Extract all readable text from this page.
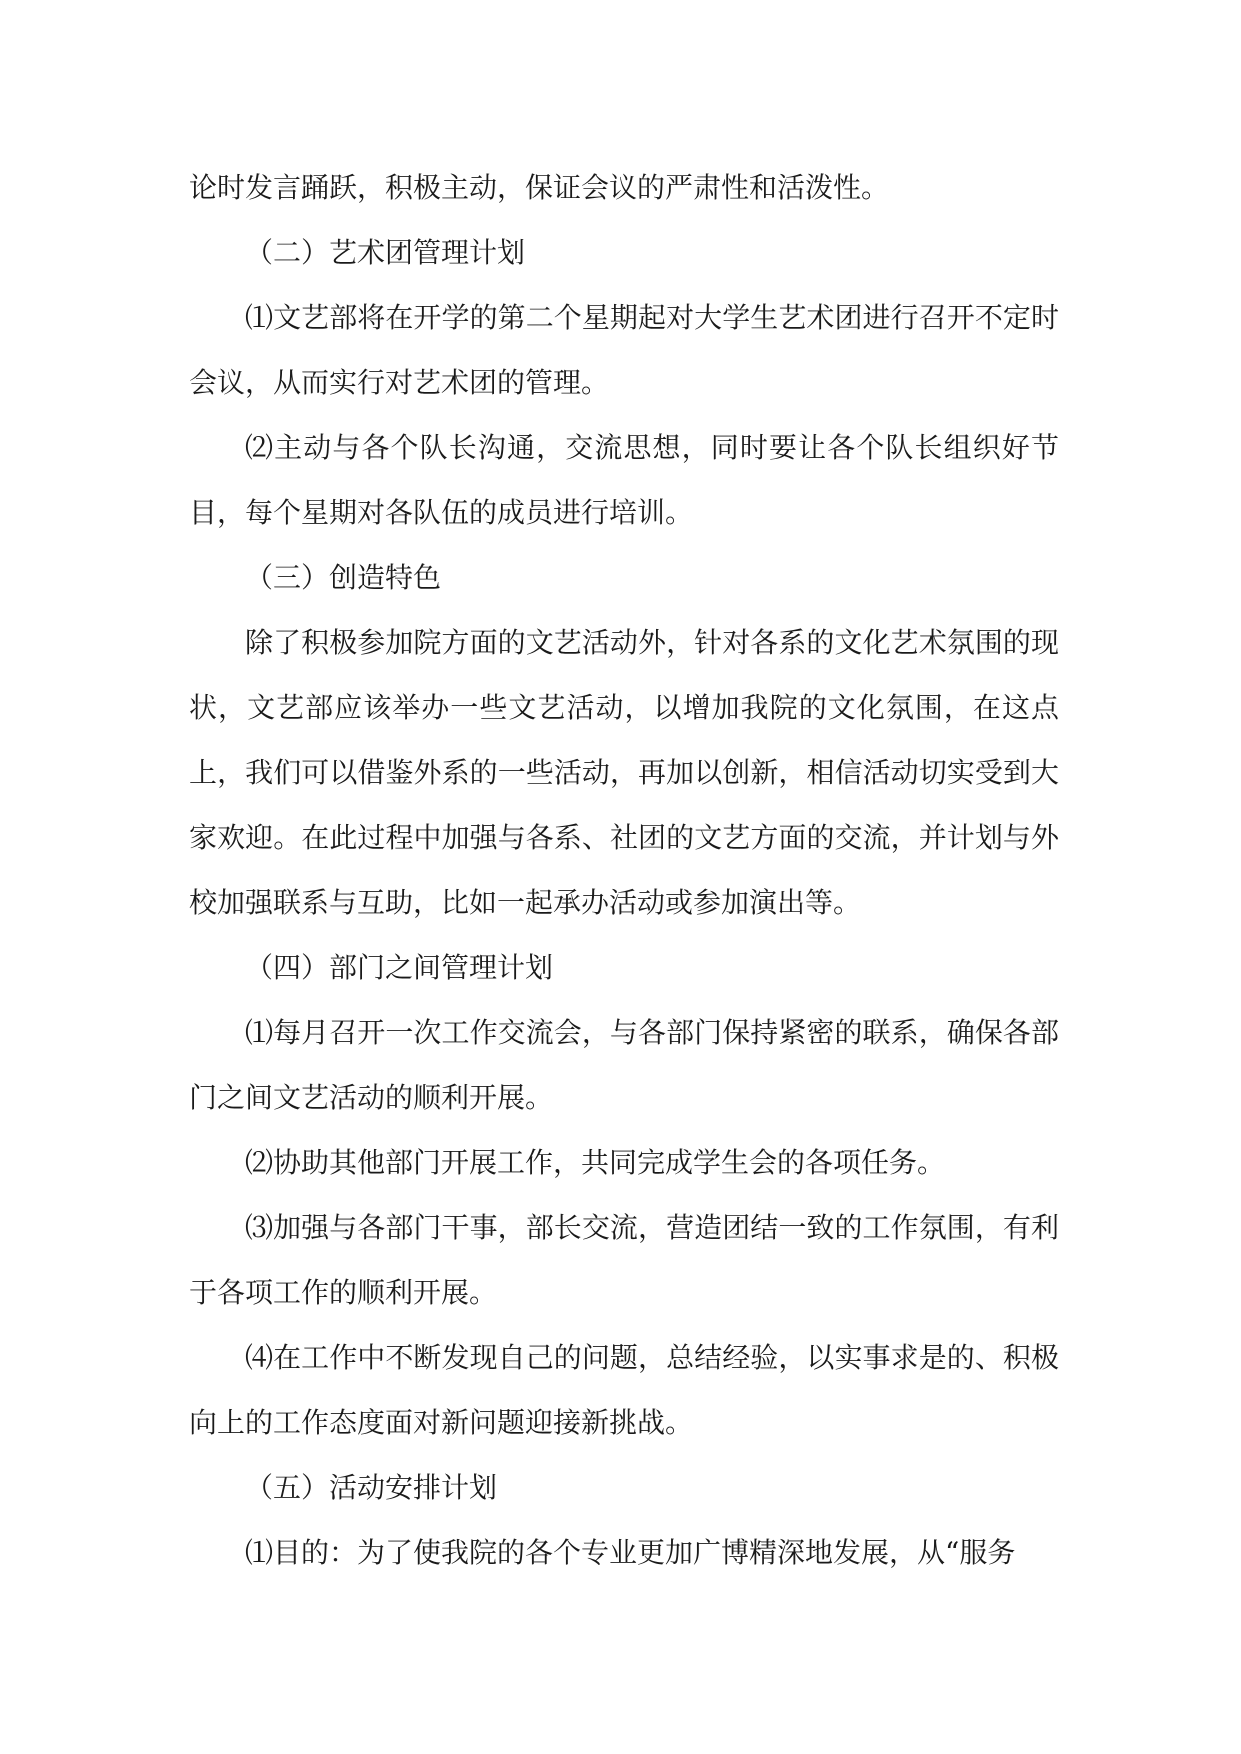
论时发言踊跃，积极主动，保证会议的严肃性和活泼性。

（二）艺术团管理计划

⑴文艺部将在开学的第二个星期起对大学生艺术团进行召开不定时会议，从而实行对艺术团的管理。

⑵主动与各个队长沟通，交流思想，同时要让各个队长组织好节目，每个星期对各队伍的成员进行培训。

（三）创造特色

除了积极参加院方面的文艺活动外，针对各系的文化艺术氛围的现状，文艺部应该举办一些文艺活动，以增加我院的文化氛围，在这点上，我们可以借鉴外系的一些活动，再加以创新，相信活动切实受到大家欢迎。在此过程中加强与各系、社团的文艺方面的交流，并计划与外校加强联系与互助，比如一起承办活动或参加演出等。

（四）部门之间管理计划

⑴每月召开一次工作交流会，与各部门保持紧密的联系，确保各部门之间文艺活动的顺利开展。

⑵协助其他部门开展工作，共同完成学生会的各项任务。

⑶加强与各部门干事，部长交流，营造团结一致的工作氛围，有利于各项工作的顺利开展。

⑷在工作中不断发现自己的问题，总结经验，以实事求是的、积极向上的工作态度面对新问题迎接新挑战。

（五）活动安排计划

⑴目的：为了使我院的各个专业更加广博精深地发展，从“服务
